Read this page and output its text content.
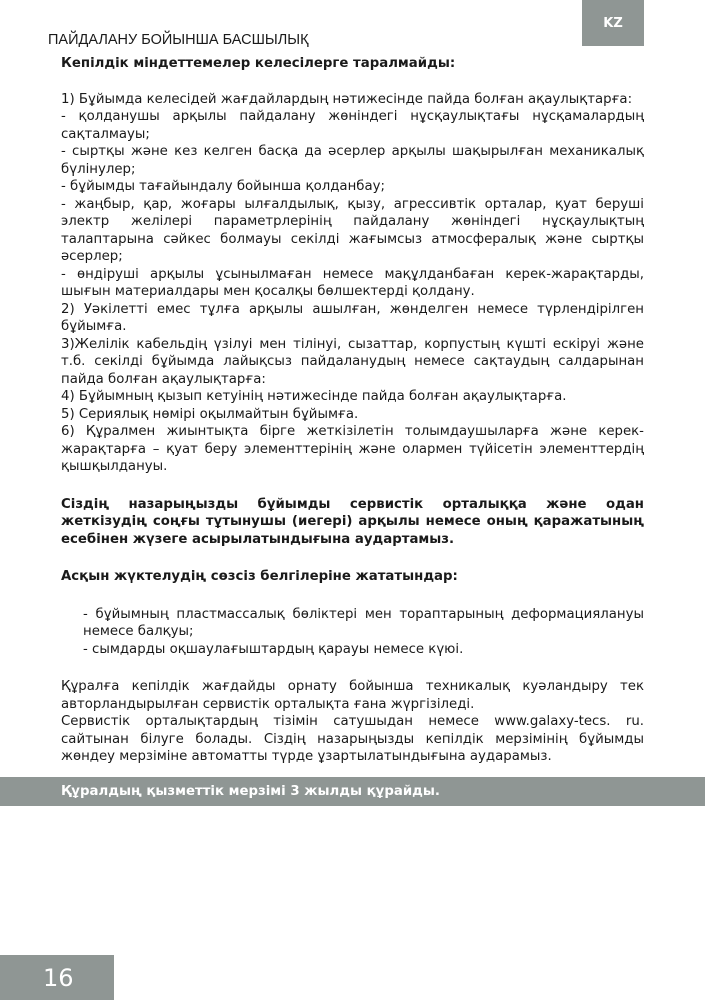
KZ
ПАЙДАЛАНУ БОЙЫНША БАСШЫЛЫҚ

Кепілдік міндеттемелер келесілерге таралмайды:

1) Бұйымда келесідей жағдайлардың нәтижесінде пайда болған ақаулықтарға:

- қолданушы арқылы пайдалану жөніндегі нұсқаулықтағы нұсқамалардың сақталмауы;

- сыртқы және кез келген басқа да әсерлер арқылы шақырылған механикалық бүлінулер;

- бұйымды тағайындалу бойынша қолданбау;

- жаңбыр, қар, жоғары ылғалдылық, қызу, агрессивтік орталар, қуат беруші электр желілері параметрлерінің пайдалану жөніндегі нұсқаулықтың талаптарына сәйкес болмауы секілді жағымсыз атмосфералық және сыртқы әсерлер;

- өндіруші арқылы ұсынылмаған немесе мақұлданбаған керек-жарақтарды, шығын материалдары мен қосалқы бөлшектерді қолдану.

2) Уәкілетті емес тұлға арқылы ашылған, жөнделген немесе түрлендірілген бұйымға.

3)Желілік кабельдің үзілуі мен тілінуі, сызаттар, корпустың күшті ескіруі және т.б. секілді бұйымда лайықсыз пайдаланудың немесе сақтаудың салдарынан пайда болған ақаулықтарға:

4) Бұйымның қызып кетуінің нәтижесінде пайда болған ақаулықтарға.

5) Сериялық нөмірі оқылмайтын бұйымға.

6) Құралмен жиынтықта бірге жеткізілетін толымдаушыларға және керек-жарақтарға – қуат беру элементтерінің және олармен түйісетін элементтердің қышқылдануы.

Сіздің назарыңызды бұйымды сервистік орталыққа және одан жеткізудің соңғы тұтынушы (иегері) арқылы немесе оның қаражатының есебінен жүзеге асырылатындығына аудартамыз.

Асқын жүктелудің сөзсіз белгілеріне жататындар:

- бұйымның пластмассалық бөліктері мен тораптарының деформациялануы немесе балқуы;

- сымдарды оқшаулағыштардың қарауы немесе күюі.

Құралға кепілдік жағдайды орнату бойынша техникалық куәландыру тек авторландырылған сервистік орталықта ғана жүргізіледі.

Сервистік орталықтардың тізімін сатушыдан немесе www.galaxy-tecs. ru. сайтынан білуге болады. Сіздің назарыңызды кепілдік мерзімінің бұйымды жөндеу мерзіміне автоматты түрде ұзартылатындығына аударамыз.

Құралдың қызметтік мерзімі 3 жылды құрайды.
16
